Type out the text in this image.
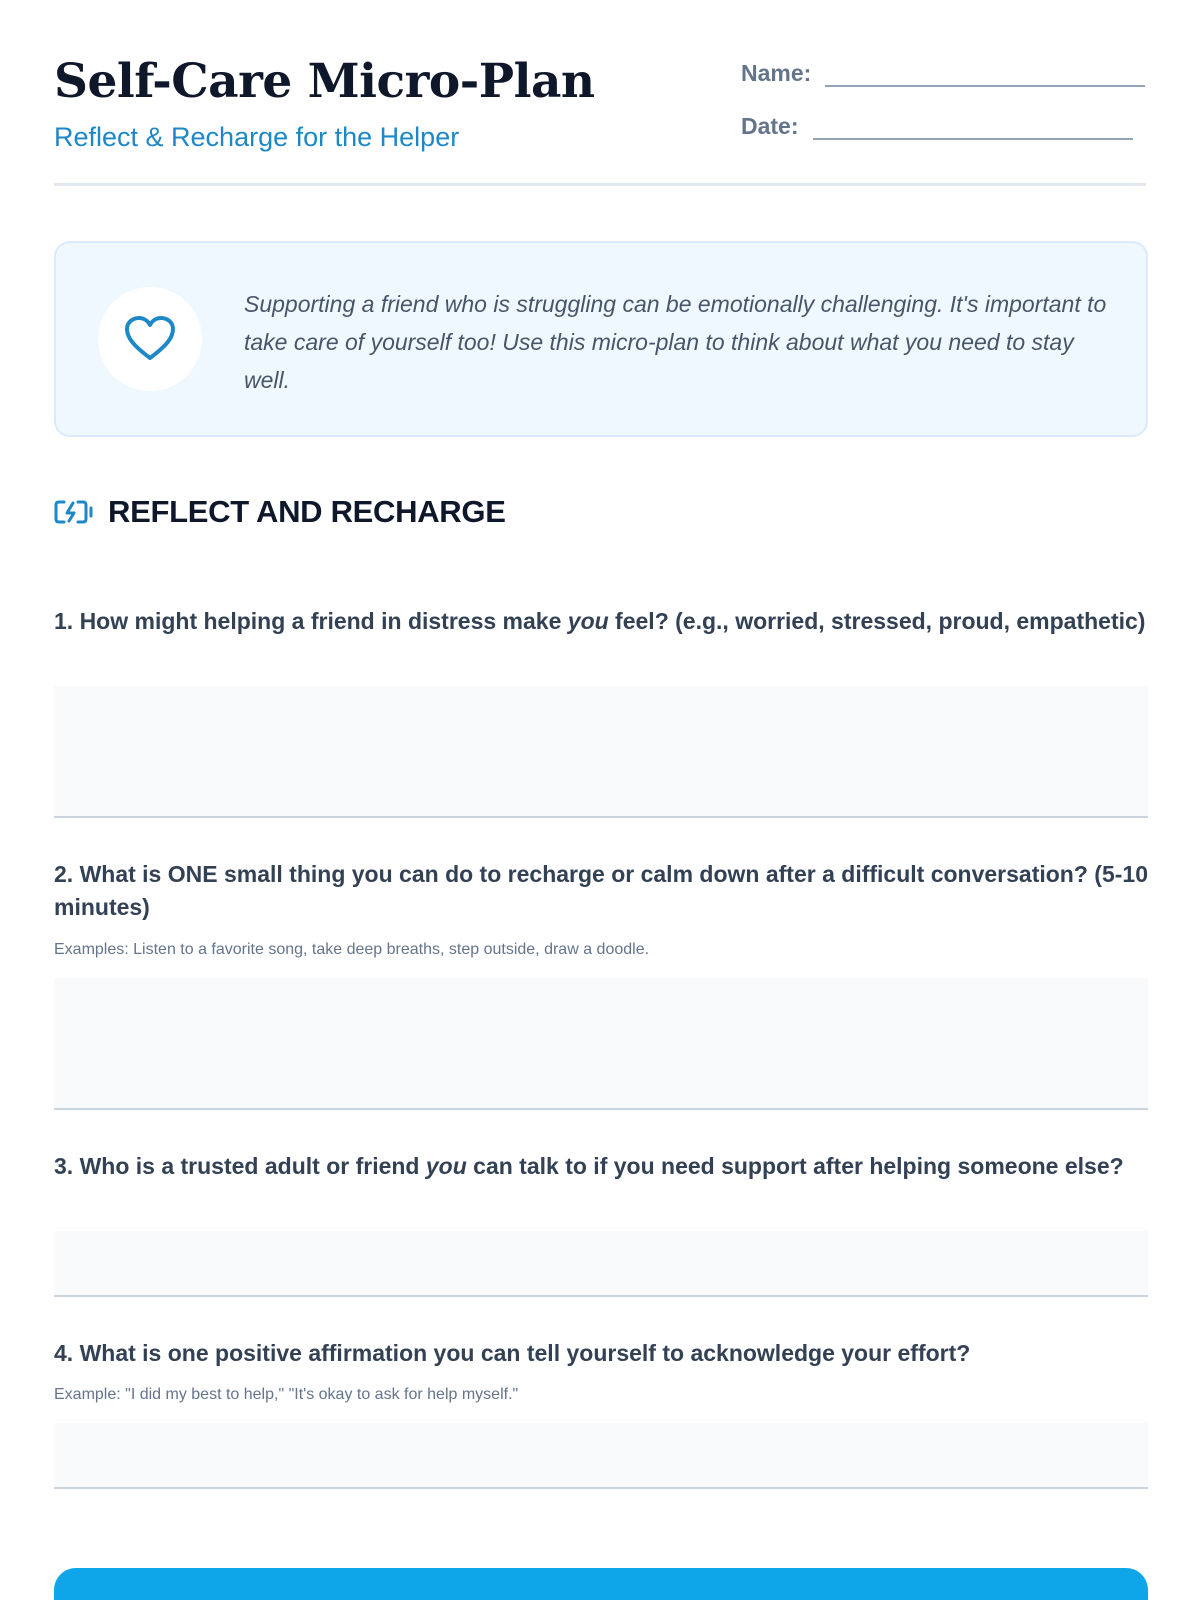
Self-Care Micro-Plan
Reflect & Recharge for the Helper
Name:
Date:
Supporting a friend who is struggling can be emotionally challenging. It's important to take care of yourself too! Use this micro-plan to think about what you need to stay well.
REFLECT AND RECHARGE
1. How might helping a friend in distress make you feel? (e.g., worried, stressed, proud, empathetic)
2. What is ONE small thing you can do to recharge or calm down after a difficult conversation? (5-10 minutes)
Examples: Listen to a favorite song, take deep breaths, step outside, draw a doodle.
3. Who is a trusted adult or friend you can talk to if you need support after helping someone else?
4. What is one positive affirmation you can tell yourself to acknowledge your effort?
Example: "I did my best to help," "It's okay to ask for help myself."
